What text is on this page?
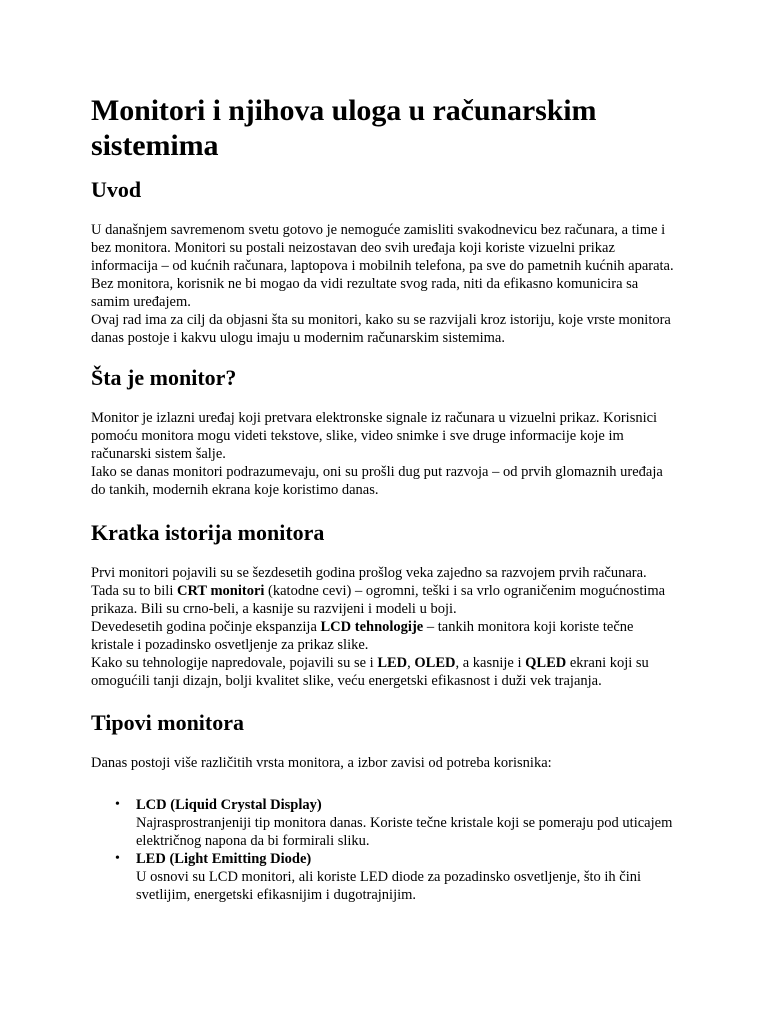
Monitori i njihova uloga u računarskim sistemima
Uvod

U današnjem savremenom svetu gotovo je nemoguće zamisliti svakodnevicu bez računara, a time i bez monitora. Monitori su postali neizostavan deo svih uređaja koji koriste vizuelni prikaz informacija – od kućnih računara, laptopova i mobilnih telefona, pa sve do pametnih kućnih aparata. Bez monitora, korisnik ne bi mogao da vidi rezultate svog rada, niti da efikasno komunicira sa samim uređajem.

Ovaj rad ima za cilj da objasni šta su monitori, kako su se razvijali kroz istoriju, koje vrste monitora danas postoje i kakvu ulogu imaju u modernim računarskim sistemima.

Šta je monitor?

Monitor je izlazni uređaj koji pretvara elektronske signale iz računara u vizuelni prikaz. Korisnici pomoću monitora mogu videti tekstove, slike, video snimke i sve druge informacije koje im računarski sistem šalje.

Iako se danas monitori podrazumevaju, oni su prošli dug put razvoja – od prvih glomaznih uređaja do tankih, modernih ekrana koje koristimo danas.

Kratka istorija monitora

Prvi monitori pojavili su se šezdesetih godina prošlog veka zajedno sa razvojem prvih računara. Tada su to bili CRT monitori (katodne cevi) – ogromni, teški i sa vrlo ograničenim mogućnostima prikaza. Bili su crno-beli, a kasnije su razvijeni i modeli u boji.

Devedesetih godina počinje ekspanzija LCD tehnologije – tankih monitora koji koriste tečne kristale i pozadinsko osvetljenje za prikaz slike.

Kako su tehnologije napredovale, pojavili su se i LED, OLED, a kasnije i QLED ekrani koji su omogućili tanji dizajn, bolji kvalitet slike, veću energetski efikasnost i duži vek trajanja.

Tipovi monitora

Danas postoji više različitih vrsta monitora, a izbor zavisi od potreba korisnika:

• LCD (Liquid Crystal Display)
Najrasprostranjeniji tip monitora danas. Koriste tečne kristale koji se pomeraju pod uticajem električnog napona da bi formirali sliku.
• LED (Light Emitting Diode)
U osnovi su LCD monitori, ali koriste LED diode za pozadinsko osvetljenje, što ih čini svetlijim, energetski efikasnijim i dugotrajnijim.
